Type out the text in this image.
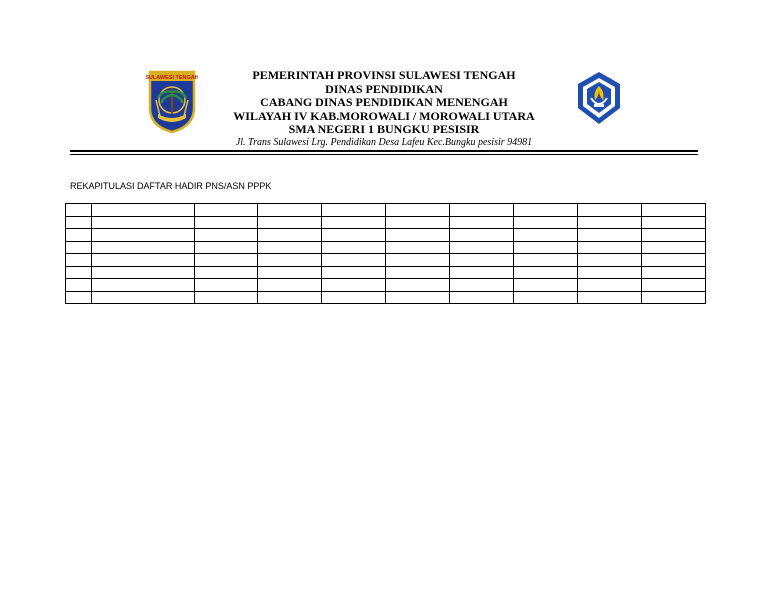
SULAWESI TENGAH	PEMERINTAH PROVINSI SULAWESI TENGAH
DINAS PENDIDIKAN
CABANG DINAS PENDIDIKAN MENENGAH
WILAYAH IV KAB.MOROWALI / MOROWALI UTARA
SMA NEGERI 1 BUNGKU PESISIR
Jl. Trans Sulawesi Lrg. Pendidikan Desa Lafeu Kec.Bungku pesisir 94981
REKAPITULASI DAFTAR HADIR PNS/ASN PPPK
